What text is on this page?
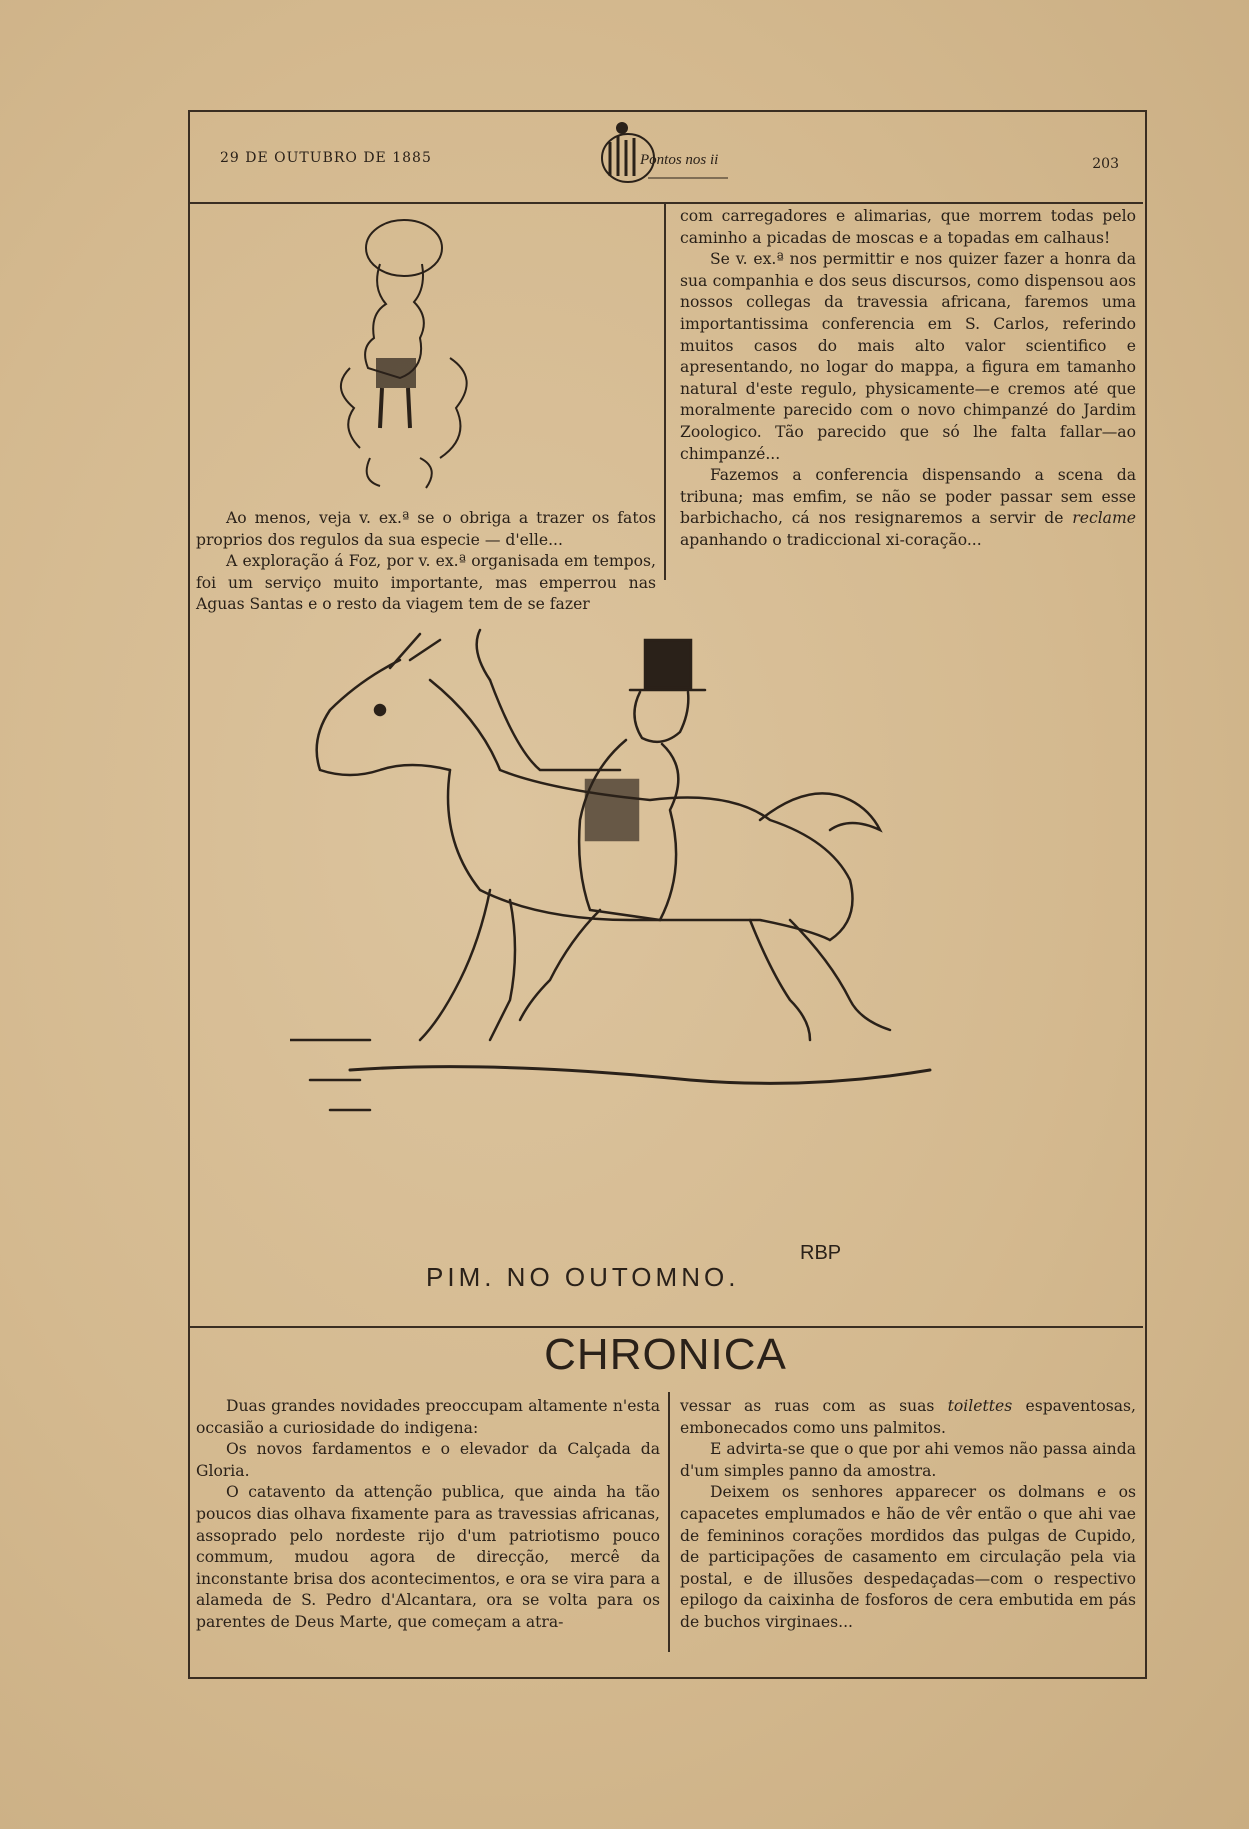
29 DE OUTUBRO DE 1885	Pontos nos ii	203

com carregadores e alimarias, que morrem todas pelo caminho a picadas de moscas e a topadas em calhaus!

Se v. ex.ª nos permittir e nos quizer fazer a honra da sua companhia e dos seus discursos, como dispensou aos nossos collegas da travessia africana, faremos uma importantissima conferencia em S. Carlos, referindo muitos casos do mais alto valor scientifico e apresentando, no logar do mappa, a figura em tamanho natural d'este regulo, physicamente—e cremos até que moralmente parecido com o novo chimpanzé do Jardim Zoologico. Tão parecido que só lhe falta fallar—ao chimpanzé...

Fazemos a conferencia dispensando a scena da tribuna; mas emfim, se não se poder passar sem esse barbichacho, cá nos resignaremos a servir de reclame apanhando o tradiccional xi-coração...

Ao menos, veja v. ex.ª se o obriga a trazer os fatos proprios dos regulos da sua especie — d'elle...

A exploração á Foz, por v. ex.ª organisada em tempos, foi um serviço muito importante, mas emperrou nas Aguas Santas e o resto da viagem tem de se fazer

PIM. NO OUTOMNO.
RBP
CHRONICA

Duas grandes novidades preoccupam altamente n'esta occasião a curiosidade do indigena:

Os novos fardamentos e o elevador da Calçada da Gloria.

O catavento da attenção publica, que ainda ha tão poucos dias olhava fixamente para as travessias africanas, assoprado pelo nordeste rijo d'um patriotismo pouco commum, mudou agora de direcção, mercê da inconstante brisa dos acontecimentos, e ora se vira para a alameda de S. Pedro d'Alcantara, ora se volta para os parentes de Deus Marte, que começam a atra-

vessar as ruas com as suas toilettes espaventosas, embonecados como uns palmitos.

E advirta-se que o que por ahi vemos não passa ainda d'um simples panno da amostra.

Deixem os senhores apparecer os dolmans e os capacetes emplumados e hão de vêr então o que ahi vae de femininos corações mordidos das pulgas de Cupido, de participações de casamento em circulação pela via postal, e de illusões despedaçadas—com o respectivo epilogo da caixinha de fosforos de cera embutida em pás de buchos virginaes...
